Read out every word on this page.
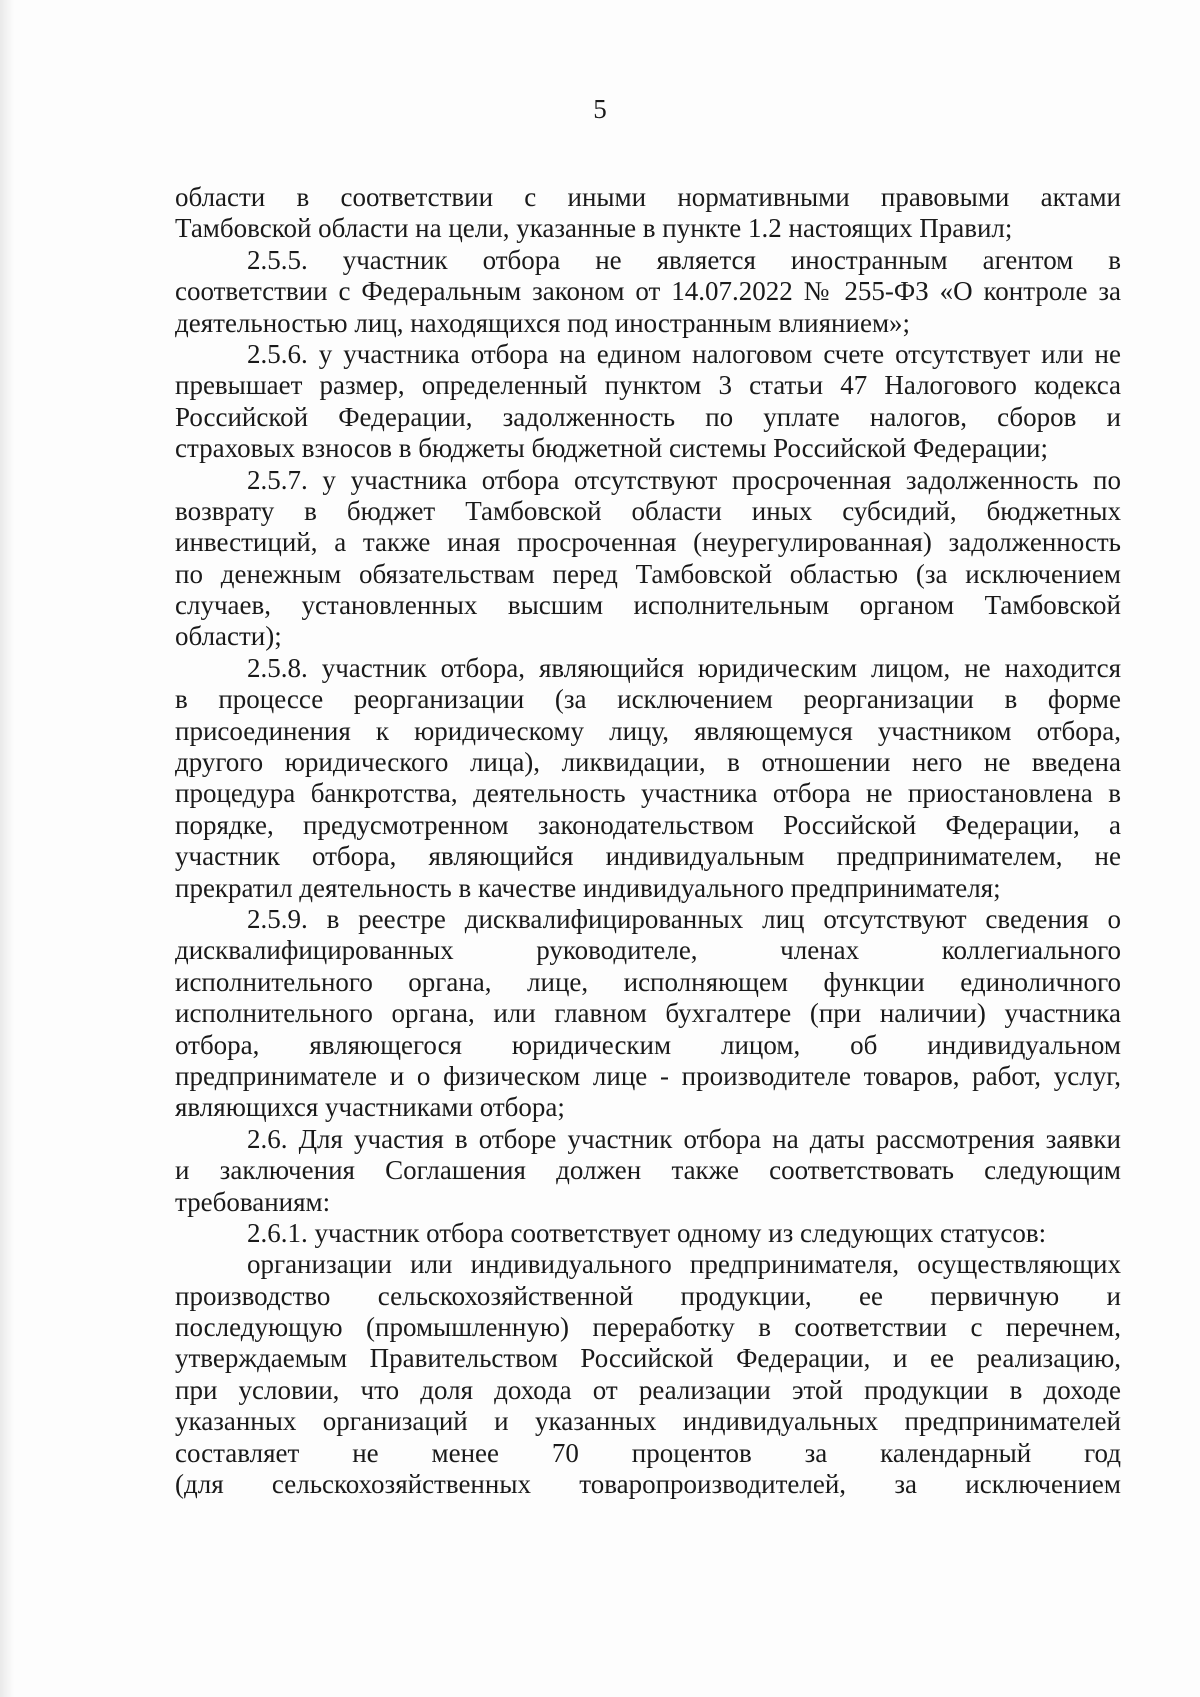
5
области в соответствии с иными нормативными правовыми актами
Тамбовской области на цели, указанные в пункте 1.2 настоящих Правил;
2.5.5. участник отбора не является иностранным агентом в
соответствии с Федеральным законом от 14.07.2022 № 255-ФЗ «О контроле за
деятельностью лиц, находящихся под иностранным влиянием»;
2.5.6. у участника отбора на едином налоговом счете отсутствует или не
превышает размер, определенный пунктом 3 статьи 47 Налогового кодекса
Российской Федерации, задолженность по уплате налогов, сборов и
страховых взносов в бюджеты бюджетной системы Российской Федерации;
2.5.7. у участника отбора отсутствуют просроченная задолженность по
возврату в бюджет Тамбовской области иных субсидий, бюджетных
инвестиций, а также иная просроченная (неурегулированная) задолженность
по денежным обязательствам перед Тамбовской областью (за исключением
случаев, установленных высшим исполнительным органом Тамбовской
области);
2.5.8. участник отбора, являющийся юридическим лицом, не находится
в процессе реорганизации (за исключением реорганизации в форме
присоединения к юридическому лицу, являющемуся участником отбора,
другого юридического лица), ликвидации, в отношении него не введена
процедура банкротства, деятельность участника отбора не приостановлена в
порядке, предусмотренном законодательством Российской Федерации, а
участник отбора, являющийся индивидуальным предпринимателем, не
прекратил деятельность в качестве индивидуального предпринимателя;
2.5.9. в реестре дисквалифицированных лиц отсутствуют сведения о
дисквалифицированных руководителе, членах коллегиального
исполнительного органа, лице, исполняющем функции единоличного
исполнительного органа, или главном бухгалтере (при наличии) участника
отбора, являющегося юридическим лицом, об индивидуальном
предпринимателе и о физическом лице - производителе товаров, работ, услуг,
являющихся участниками отбора;
2.6. Для участия в отборе участник отбора на даты рассмотрения заявки
и заключения Соглашения должен также соответствовать следующим
требованиям:
2.6.1. участник отбора соответствует одному из следующих статусов:
организации или индивидуального предпринимателя, осуществляющих
производство сельскохозяйственной продукции, ее первичную и
последующую (промышленную) переработку в соответствии с перечнем,
утверждаемым Правительством Российской Федерации, и ее реализацию,
при условии, что доля дохода от реализации этой продукции в доходе
указанных организаций и указанных индивидуальных предпринимателей
составляет не менее 70 процентов за календарный год
(для сельскохозяйственных товаропроизводителей, за исключением
